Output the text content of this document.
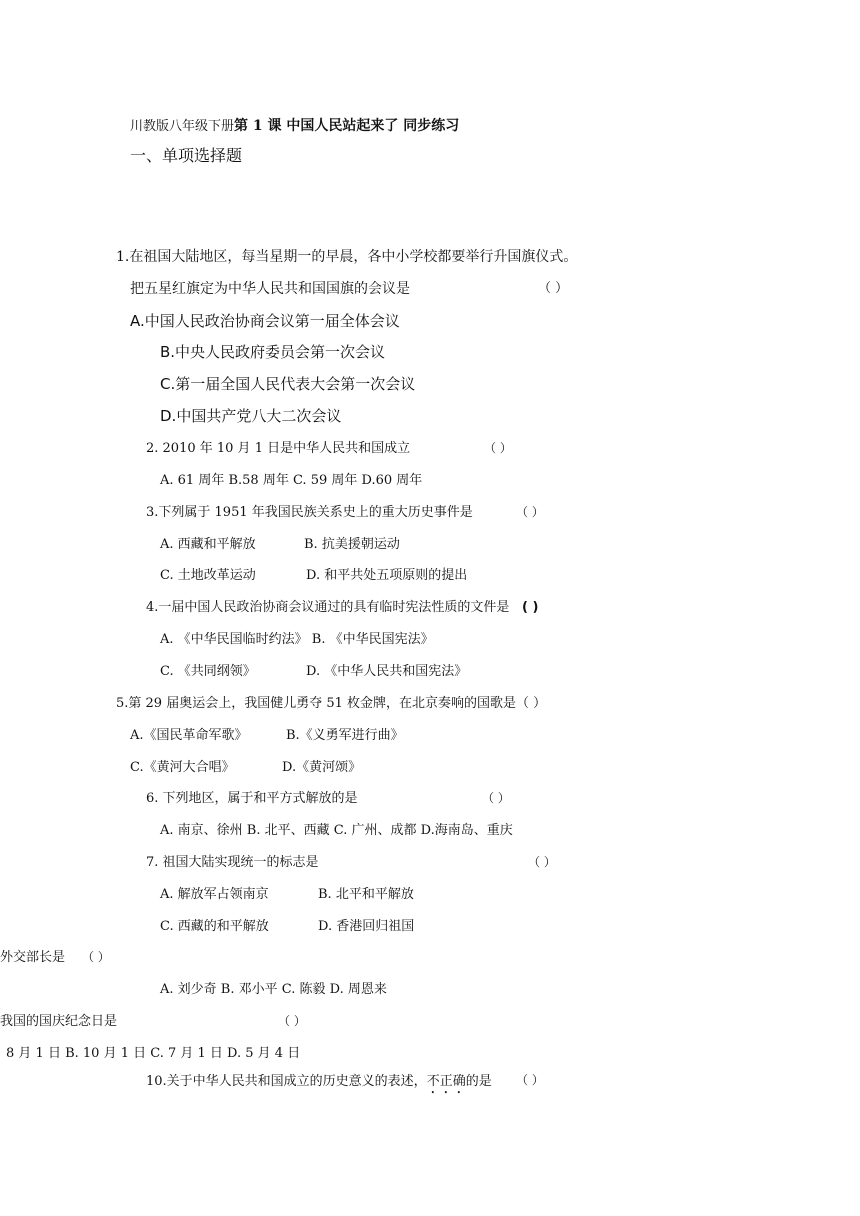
川教版八年级下册第 1 课 中国人民站起来了 同步练习
一、单项选择题
1.在祖国大陆地区，每当星期一的早晨，各中小学校都要举行升国旗仪式。
把五星红旗定为中华人民共和国国旗的会议是	（ ）
A.中国人民政治协商会议第一届全体会议
B.中央人民政府委员会第一次会议
C.第一届全国人民代表大会第一次会议
D.中国共产党八大二次会议
2. 2010 年 10 月 1 日是中华人民共和国成立	（ ）
A. 61 周年 B.58 周年 C. 59 周年 D.60 周年
3.下列属于 1951 年我国民族关系史上的重大历史事件是	（ ）
A. 西藏和平解放	B. 抗美援朝运动
C. 土地改革运动	D. 和平共处五项原则的提出
4.一届中国人民政治协商会议通过的具有临时宪法性质的文件是 ( )
A. 《中华民国临时约法》 B. 《中华民国宪法》
C. 《共同纲领》	D. 《中华人民共和国宪法》
5.第 29 届奥运会上，我国健儿勇夺 51 枚金牌，在北京奏响的国歌是（ ）
A.《国民革命军歌》	B.《义勇军进行曲》
C.《黄河大合唱》	D.《黄河颂》
6. 下列地区，属于和平方式解放的是	（ ）
A. 南京、徐州 B. 北平、西藏 C. 广州、成都 D.海南岛、重庆
7. 祖国大陆实现统一的标志是	（ ）
A. 解放军占领南京	B. 北平和平解放
C. 西藏的和平解放	D. 香港回归祖国
外交部长是 （ ）
A. 刘少奇 B. 邓小平 C. 陈毅 D. 周恩来
我国的国庆纪念日是	（ ）
8 月 1 日 B. 10 月 1 日 C. 7 月 1 日 D. 5 月 4 日
10.关于中华人民共和国成立的历史意义的表述，不正确的是 （ ）
